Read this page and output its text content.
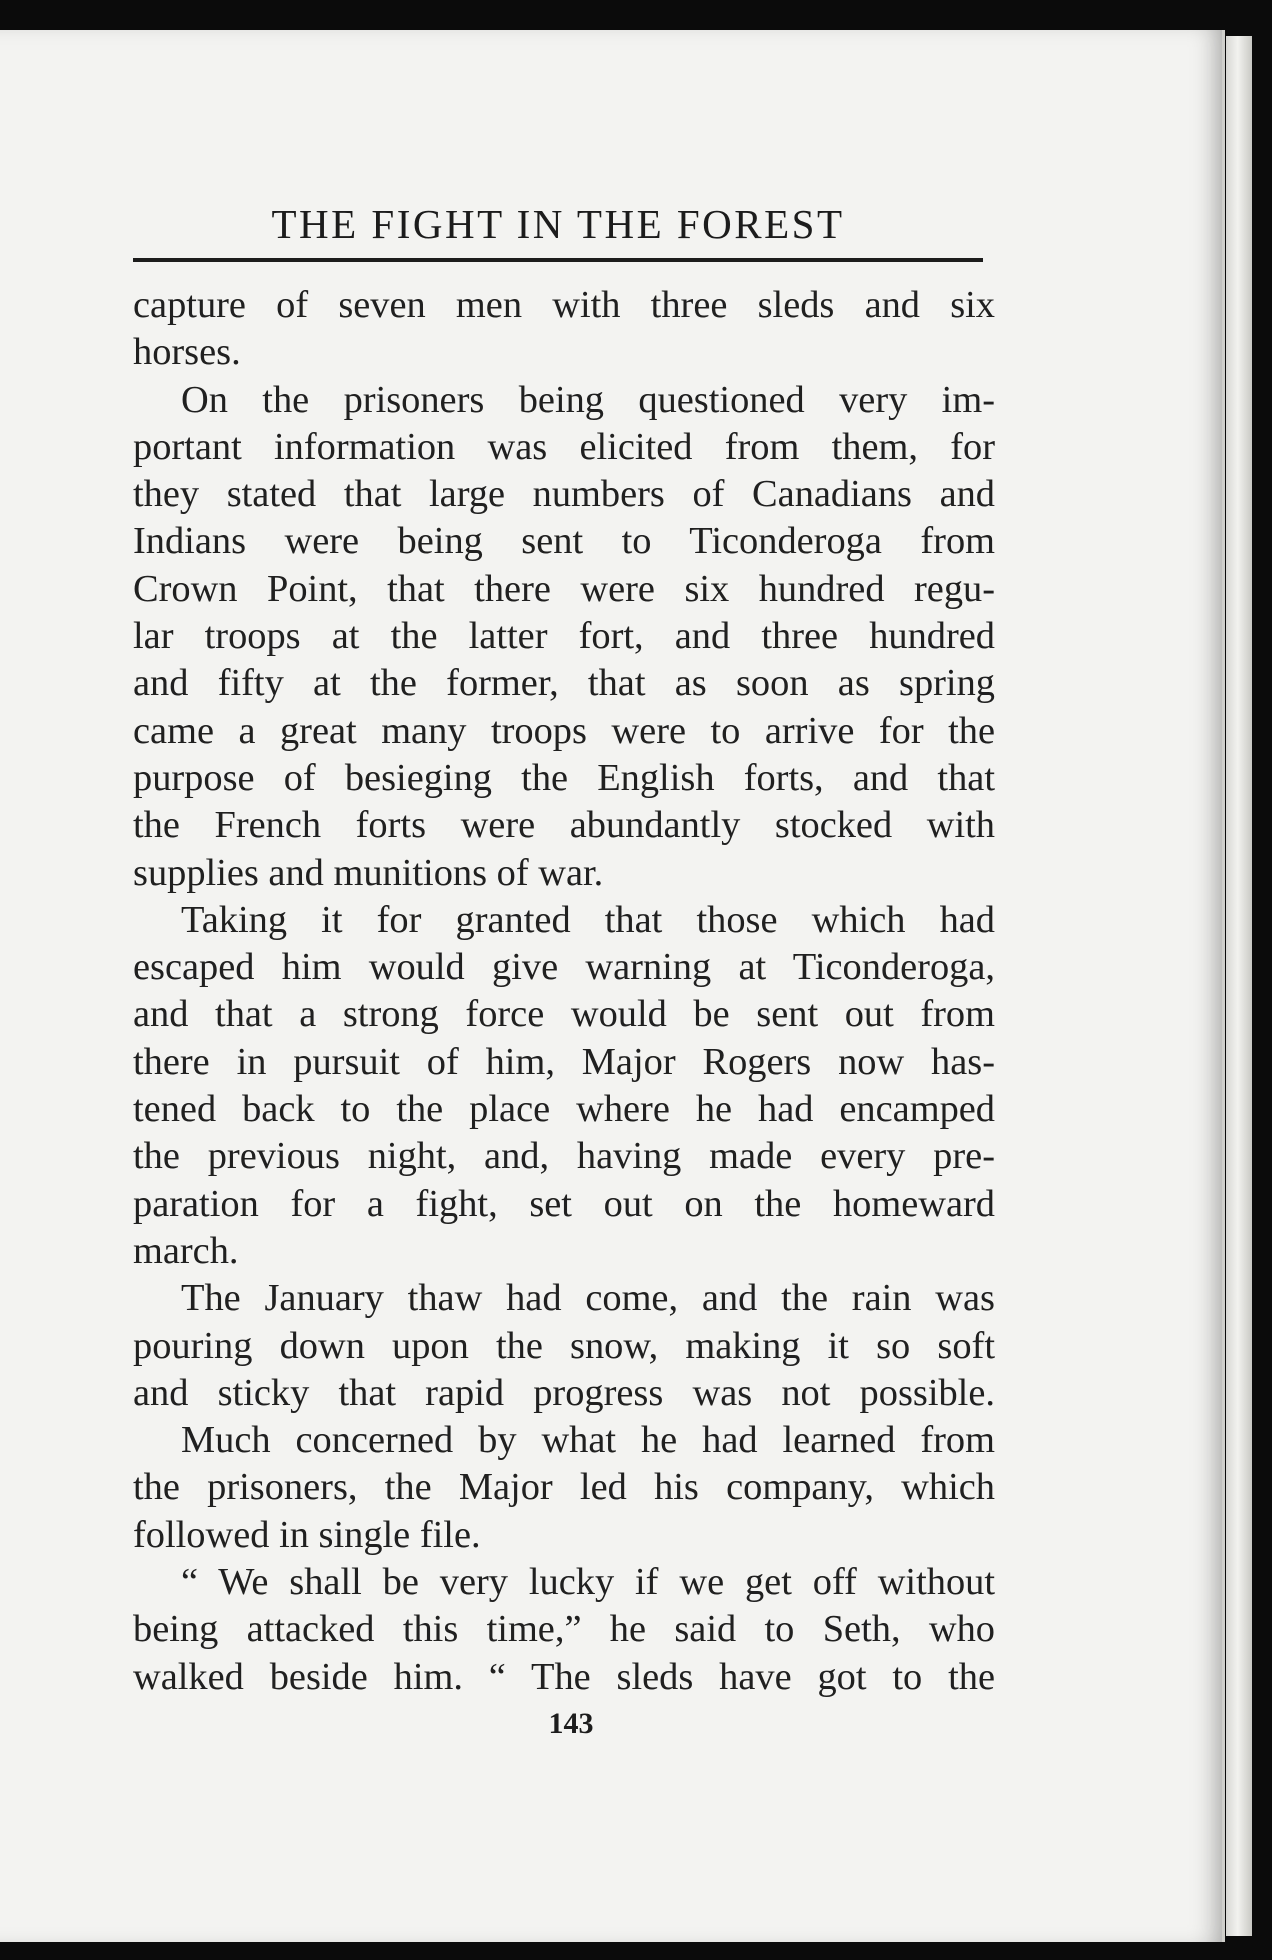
THE FIGHT IN THE FOREST
capture of seven men with three sleds and six
horses.
On the prisoners being questioned very im-
portant information was elicited from them, for
they stated that large numbers of Canadians and
Indians were being sent to Ticonderoga from
Crown Point, that there were six hundred regu-
lar troops at the latter fort, and three hundred
and fifty at the former, that as soon as spring
came a great many troops were to arrive for the
purpose of besieging the English forts, and that
the French forts were abundantly stocked with
supplies and munitions of war.
Taking it for granted that those which had
escaped him would give warning at Ticonderoga,
and that a strong force would be sent out from
there in pursuit of him, Major Rogers now has-
tened back to the place where he had encamped
the previous night, and, having made every pre-
paration for a fight, set out on the homeward
march.
The January thaw had come, and the rain was
pouring down upon the snow, making it so soft
and sticky that rapid progress was not possible.
Much concerned by what he had learned from
the prisoners, the Major led his company, which
followed in single file.
“ We shall be very lucky if we get off without
being attacked this time,” he said to Seth, who
walked beside him. “ The sleds have got to the
143
